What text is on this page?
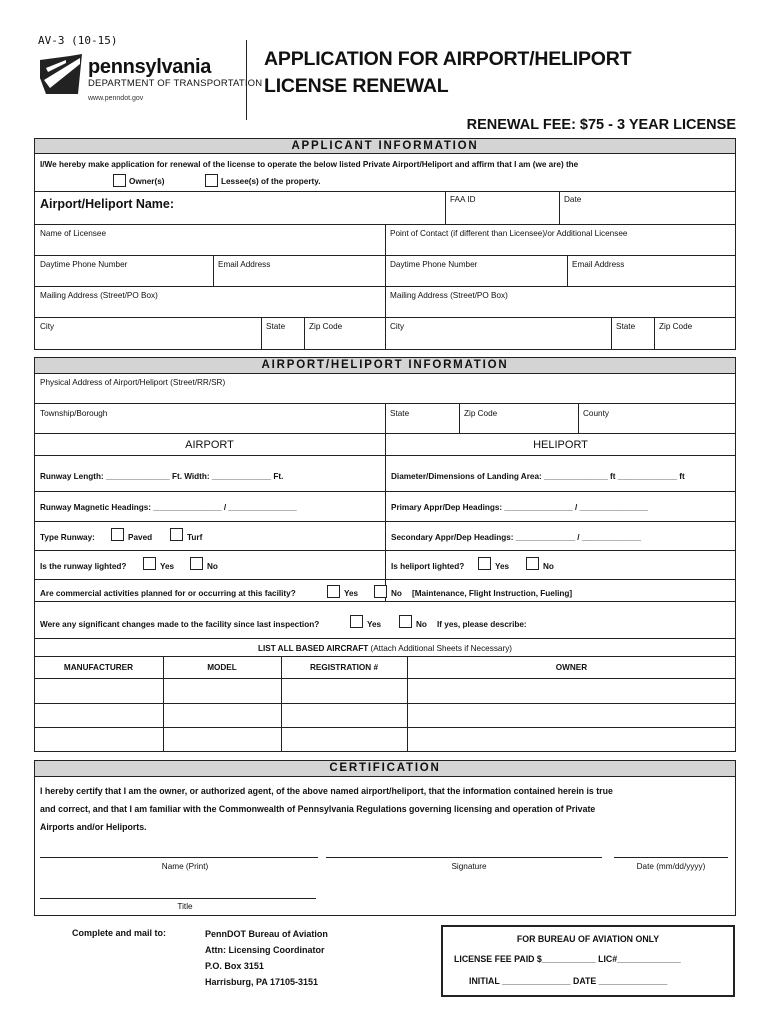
AV-3 (10-15)
pennsylvania
DEPARTMENT OF TRANSPORTATION
www.penndot.gov
APPLICATION FOR AIRPORT/HELIPORT
LICENSE RENEWAL
RENEWAL FEE: $75 - 3 YEAR LICENSE
APPLICANT INFORMATION
I/We hereby make application for renewal of the license to operate the below listed Private Airport/Heliport and affirm that I am (we are) the
Owner(s)	Lessee(s) of the property.
Airport/Heliport Name:	FAA ID	Date
Name of Licensee	Point of Contact (if different than Licensee)/or Additional Licensee
Daytime Phone Number	Email Address	Daytime Phone Number	Email Address
Mailing Address (Street/PO Box)	Mailing Address (Street/PO Box)
City	State	Zip Code	City	State	Zip Code
AIRPORT/HELIPORT INFORMATION
Physical Address of Airport/Heliport (Street/RR/SR)
Township/Borough	State	Zip Code	County
AIRPORT	HELIPORT
Runway Length: ______________ Ft. Width: _____________ Ft.	Diameter/Dimensions of Landing Area: ______________ ft _____________ ft
Runway Magnetic Headings: _______________ / _______________	Primary Appr/Dep Headings: _______________ / _______________
Type Runway:	Paved	Turf	Secondary Appr/Dep Headings: _____________ / _____________
Is the runway lighted?	Yes	No	Is heliport lighted?	Yes	No
Are commercial activities planned for or occurring at this facility?	Yes	No [Maintenance, Flight Instruction, Fueling]
Were any significant changes made to the facility since last inspection?	Yes	No If yes, please describe:
LIST ALL BASED AIRCRAFT (Attach Additional Sheets if Necessary)
MANUFACTURER	MODEL	REGISTRATION #	OWNER
CERTIFICATION
I hereby certify that I am the owner, or authorized agent, of the above named airport/heliport, that the information contained herein is true
and correct, and that I am familiar with the Commonwealth of Pennsylvania Regulations governing licensing and operation of Private
Airports and/or Heliports.
Name (Print)	Signature	Date (mm/dd/yyyy)
Title
Complete and mail to:	PennDOT Bureau of Aviation
Attn: Licensing Coordinator
P.O. Box 3151
Harrisburg, PA 17105-3151
FOR BUREAU OF AVIATION ONLY
LICENSE FEE PAID $___________ LIC#_____________
INITIAL ______________ DATE ______________
